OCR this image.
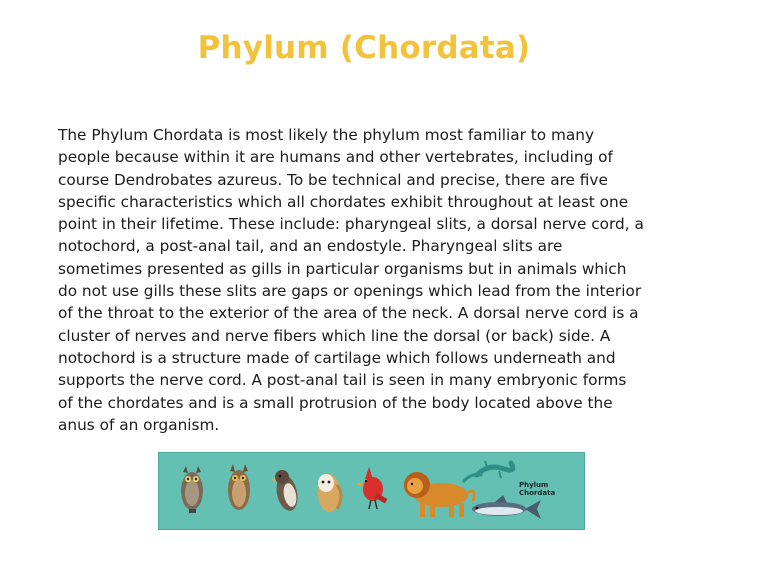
Phylum (Chordata)
The Phylum Chordata is most likely the phylum most familiar to many
people because within it are humans and other vertebrates, including of
course Dendrobates azureus. To be technical and precise, there are five
specific characteristics which all chordates exhibit throughout at least one
point in their lifetime. These include: pharyngeal slits, a dorsal nerve cord, a
notochord, a post-anal tail, and an endostyle. Pharyngeal slits are
sometimes presented as gills in particular organisms but in animals which
do not use gills these slits are gaps or openings which lead from the interior
of the throat to the exterior of the area of the neck. A dorsal nerve cord is a
cluster of nerves and nerve fibers which line the dorsal (or back) side. A
notochord is a structure made of cartilage which follows underneath and
supports the nerve cord. A post-anal tail is seen in many embryonic forms
of the chordates and is a small protrusion of the body located above the
anus of an organism.
Phylum
Chordata
